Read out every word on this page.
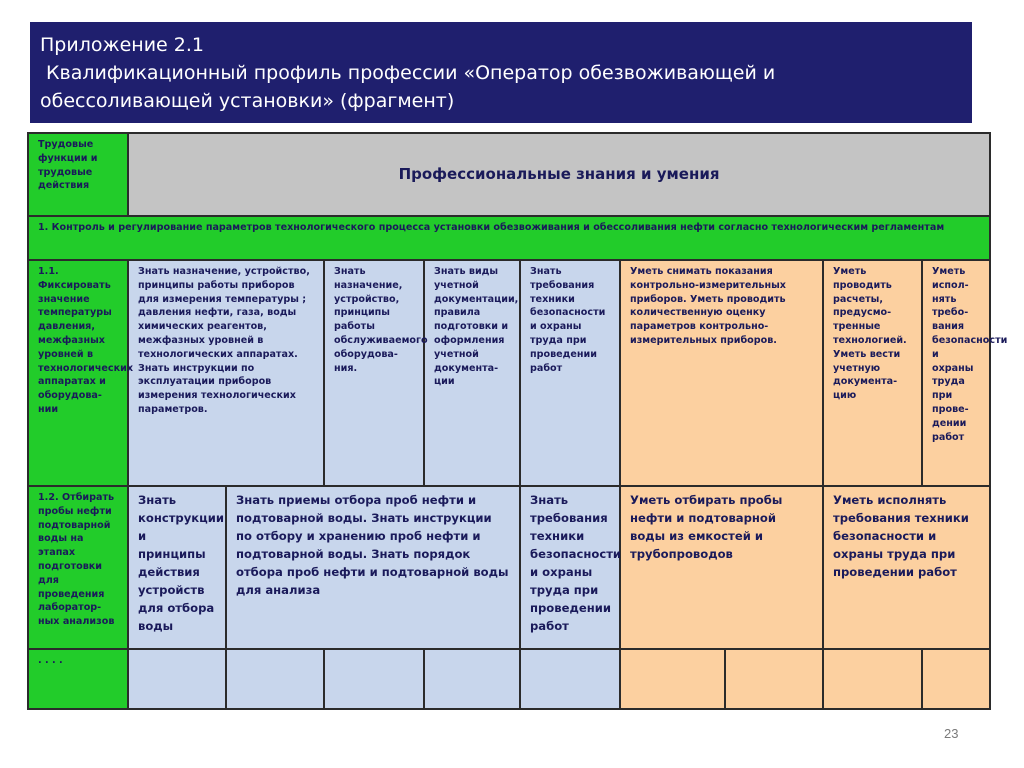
Приложение 2.1
Квалификационный профиль профессии «Оператор обезвоживающей и
обессоливающей установки» (фрагмент)
Трудовые функции и трудовые действия	Профессиональные знания и умения								
1. Контроль и регулирование параметров технологического процесса установки обезвоживания и обессоливания нефти согласно технологическим регламентам									
1.1. Фиксировать значение температуры давления, межфазных уровней в технологических аппаратах и оборудова-нии	Знать назначение, устройство, принципы работы приборов для измерения температуры ; давления нефти, газа, воды химических реагентов, межфазных уровней в технологических аппаратах. Знать инструкции по эксплуатации приборов измерения технологических параметров.		Знать назначение, устройство, принципы работы обслуживаемого оборудова-ния.	Знать виды учетной документации, правила подготовки и оформления учетной документа-ции	Знать требования техники безопасности и охраны труда при проведении работ	Уметь снимать показания контрольно-измерительных приборов. Уметь проводить количественную оценку параметров контрольно-измерительных приборов.		Уметь проводить расчеты, предусмо-тренные технологией. Уметь вести учетную документа-цию	Уметь испол-нять требо-вания безопасности и охраны труда при прове-дении работ
1.2. Отбирать пробы нефти подтоварной воды на этапах подготовки для проведения лаборатор-ных анализов	Знать конструкции и принципы действия устройств для отбора воды	Знать приемы отбора проб нефти и подтоварной воды. Знать инструкции по отбору и хранению проб нефти и подтоварной воды. Знать порядок отбора проб нефти и подтоварной воды для анализа			Знать требования техники безопасности и охраны труда при проведении работ	Уметь отбирать пробы нефти и подтоварной воды из емкостей и трубопроводов		Уметь исполнять требования техники безопасности и охраны труда при проведении работ	
. . . .									
23
